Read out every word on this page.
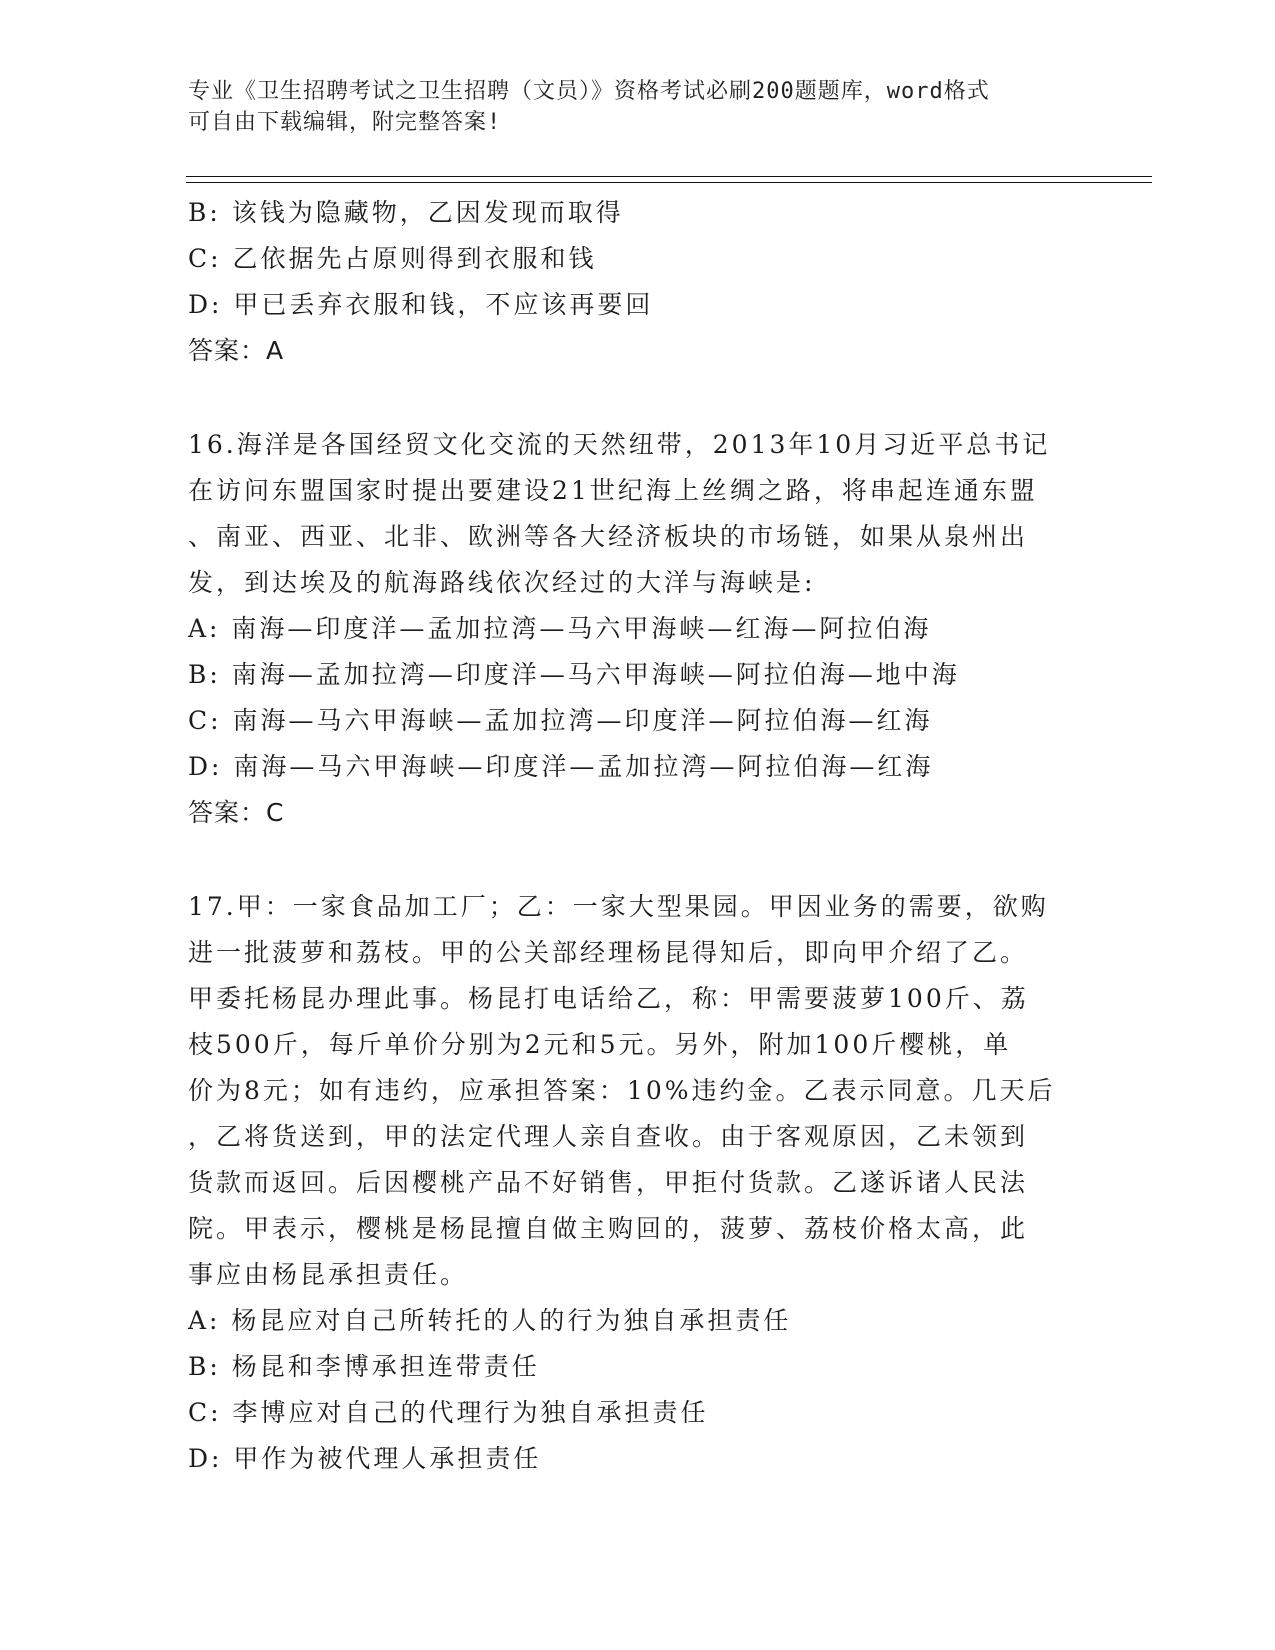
专业《卫生招聘考试之卫生招聘（文员）》资格考试必刷200题题库，word格式
可自由下载编辑，附完整答案!
B: 该钱为隐藏物，乙因发现而取得
C: 乙依据先占原则得到衣服和钱
D: 甲已丢弃衣服和钱，不应该再要回
答案：A
16.海洋是各国经贸文化交流的天然纽带，2013年10月习近平总书记
在访问东盟国家时提出要建设21世纪海上丝绸之路，将串起连通东盟
、南亚、西亚、北非、欧洲等各大经济板块的市场链，如果从泉州出
发，到达埃及的航海路线依次经过的大洋与海峡是:
A: 南海—印度洋—孟加拉湾—马六甲海峡—红海—阿拉伯海
B: 南海—孟加拉湾—印度洋—马六甲海峡—阿拉伯海—地中海
C: 南海—马六甲海峡—孟加拉湾—印度洋—阿拉伯海—红海
D: 南海—马六甲海峡—印度洋—孟加拉湾—阿拉伯海—红海
答案：C
17.甲：一家食品加工厂；乙：一家大型果园。甲因业务的需要，欲购
进一批菠萝和荔枝。甲的公关部经理杨昆得知后，即向甲介绍了乙。
甲委托杨昆办理此事。杨昆打电话给乙，称：甲需要菠萝100斤、荔
枝500斤，每斤单价分别为2元和5元。另外，附加100斤樱桃，单
价为8元；如有违约，应承担答案：10%违约金。乙表示同意。几天后
，乙将货送到，甲的法定代理人亲自查收。由于客观原因，乙未领到
货款而返回。后因樱桃产品不好销售，甲拒付货款。乙遂诉诸人民法
院。甲表示，樱桃是杨昆擅自做主购回的，菠萝、荔枝价格太高，此
事应由杨昆承担责任。
A: 杨昆应对自己所转托的人的行为独自承担责任
B: 杨昆和李博承担连带责任
C: 李博应对自己的代理行为独自承担责任
D: 甲作为被代理人承担责任
